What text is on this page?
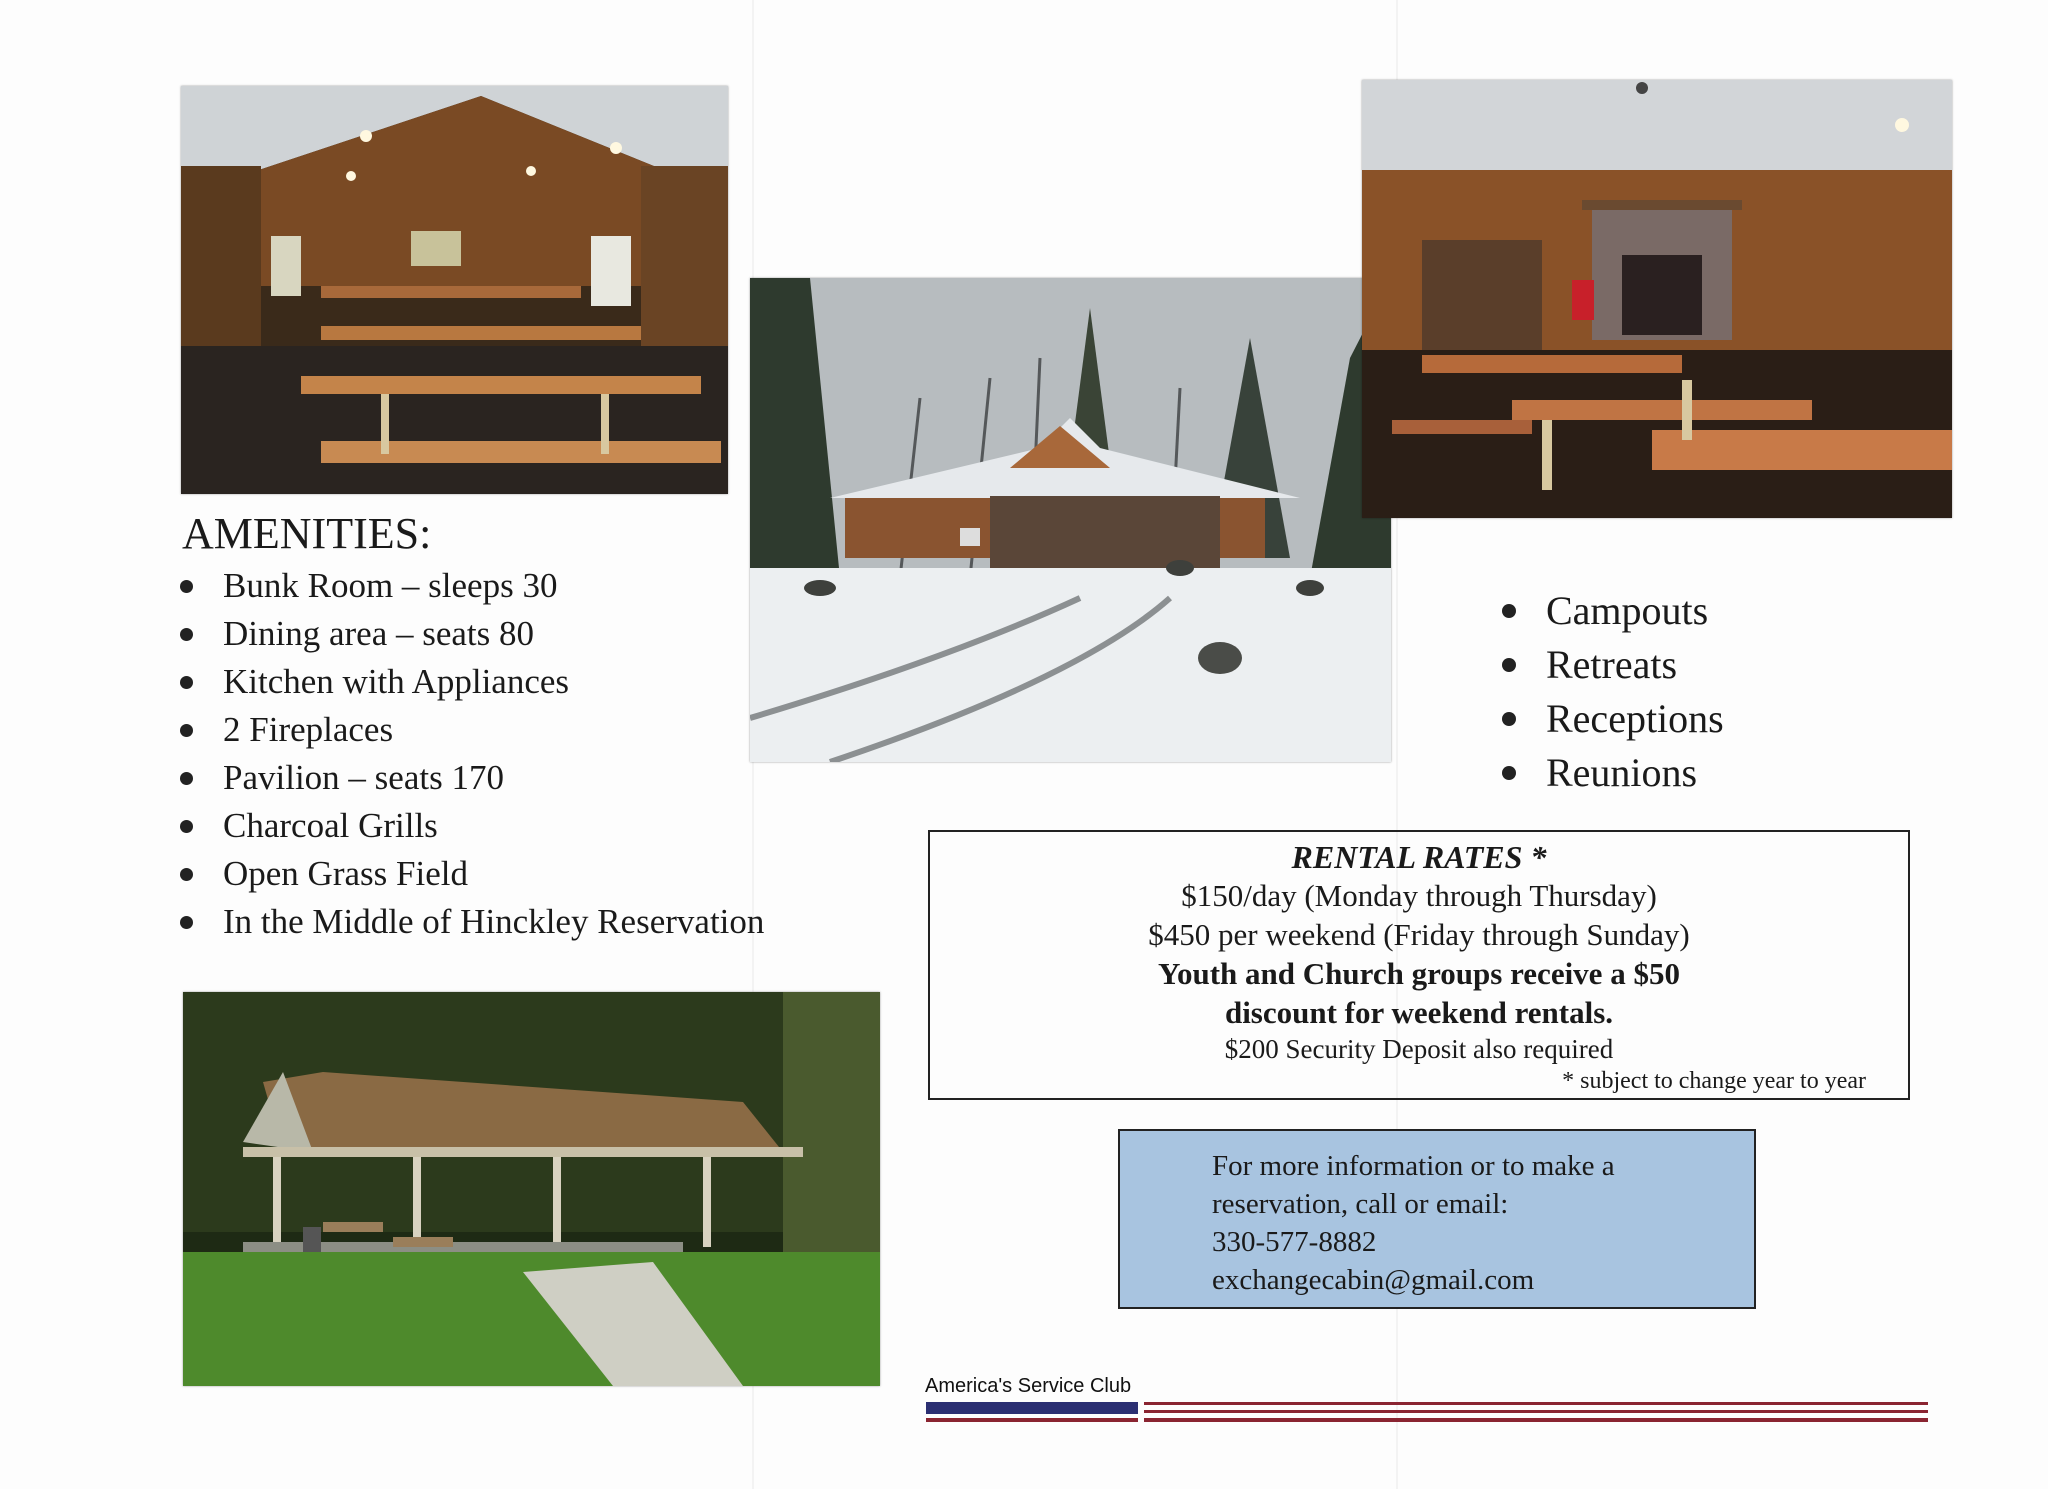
AMENITIES:
Bunk Room – sleeps 30
Dining area – seats 80
Kitchen with Appliances
2 Fireplaces
Pavilion – seats 170
Charcoal Grills
Open Grass Field
In the Middle of Hinckley Reservation
Campouts
Retreats
Receptions
Reunions
RENTAL RATES *
$150/day (Monday through Thursday)
$450 per weekend (Friday through Sunday)
Youth and Church groups receive a $50
discount for weekend rentals.
$200 Security Deposit also required
* subject to change year to year
For more information or to make a
reservation, call or email:
330-577-8882
exchangecabin@gmail.com
America's Service Club
